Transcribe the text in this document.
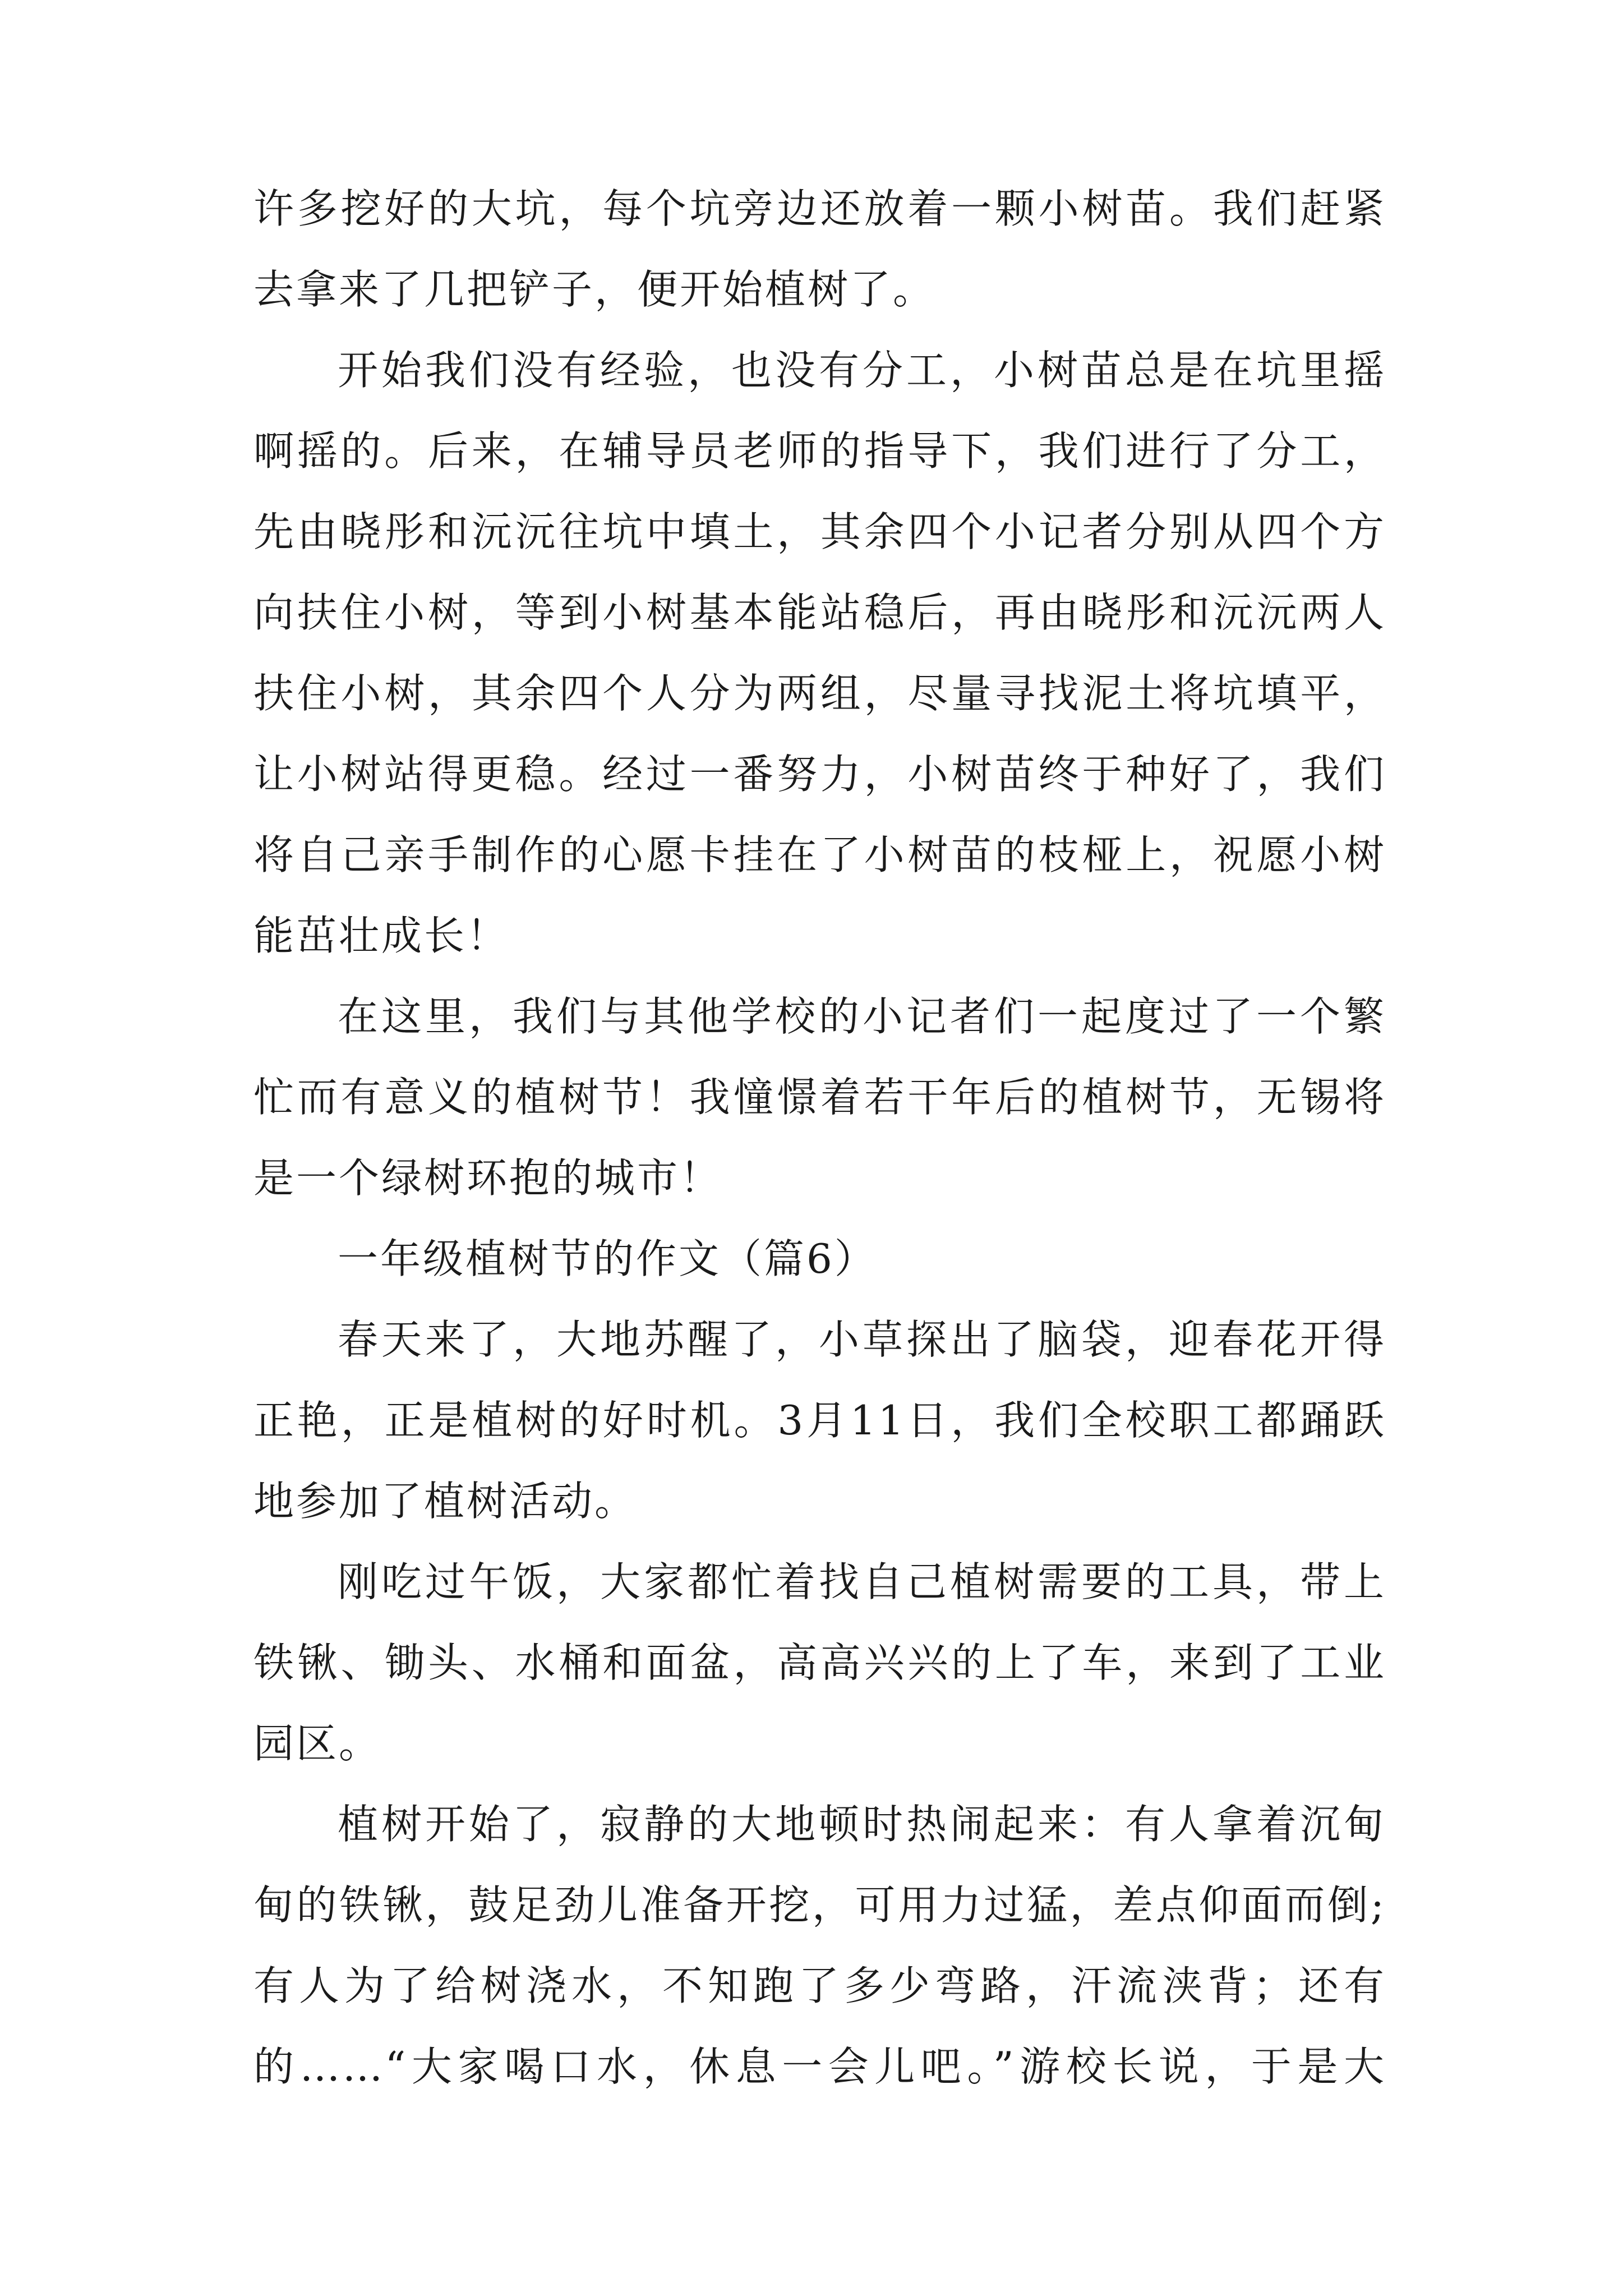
许多挖好的大坑，每个坑旁边还放着一颗小树苗。我们赶紧
去拿来了几把铲子，便开始植树了。
开始我们没有经验，也没有分工，小树苗总是在坑里摇
啊摇的。后来，在辅导员老师的指导下，我们进行了分工，
先由晓彤和沅沅往坑中填土，其余四个小记者分别从四个方
向扶住小树，等到小树基本能站稳后，再由晓彤和沅沅两人
扶住小树，其余四个人分为两组，尽量寻找泥土将坑填平，
让小树站得更稳。经过一番努力，小树苗终于种好了，我们
将自己亲手制作的心愿卡挂在了小树苗的枝桠上，祝愿小树
能茁壮成长！
在这里，我们与其他学校的小记者们一起度过了一个繁
忙而有意义的植树节！我憧憬着若干年后的植树节，无锡将
是一个绿树环抱的城市！
一年级植树节的作文（篇6）
春天来了，大地苏醒了，小草探出了脑袋，迎春花开得
正艳，正是植树的好时机。3月11日，我们全校职工都踊跃
地参加了植树活动。
刚吃过午饭，大家都忙着找自己植树需要的工具，带上
铁锹、锄头、水桶和面盆，高高兴兴的上了车，来到了工业
园区。
植树开始了，寂静的大地顿时热闹起来：有人拿着沉甸
甸的铁锹，鼓足劲儿准备开挖，可用力过猛，差点仰面而倒;
有人为了给树浇水，不知跑了多少弯路，汗流浃背；还有
的……“大家喝口水，休息一会儿吧。”游校长说，于是大
